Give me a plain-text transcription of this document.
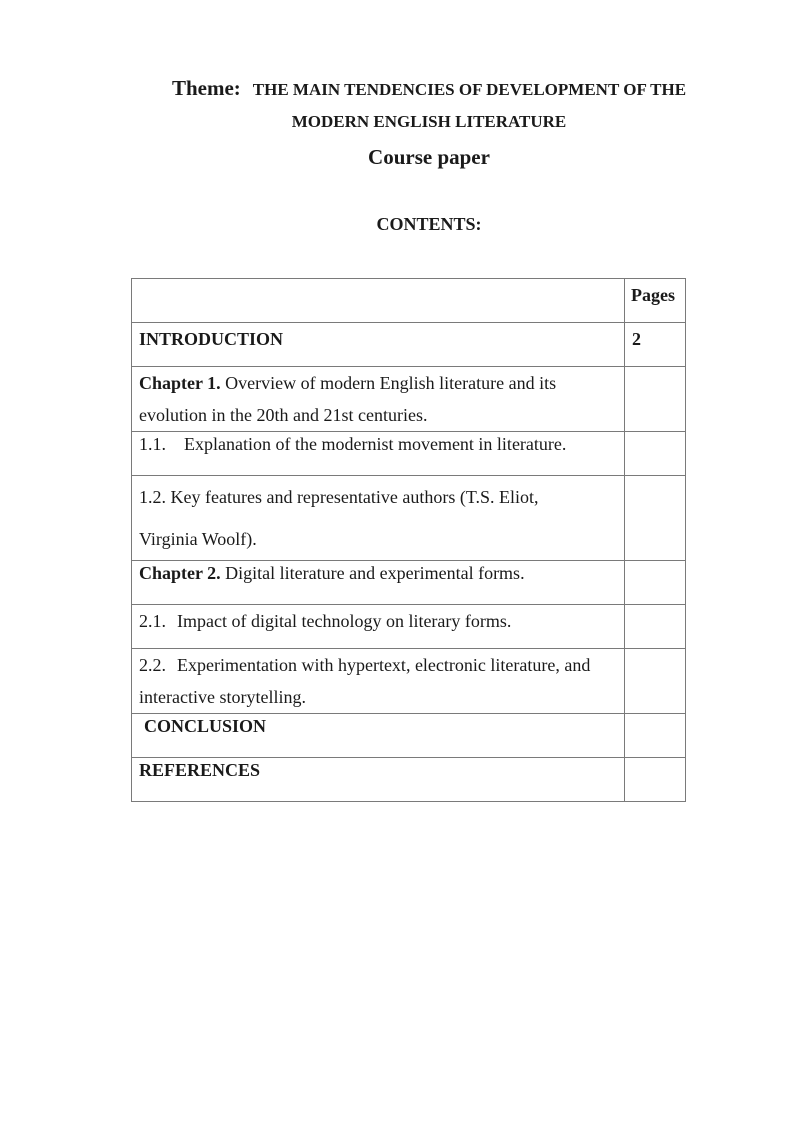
Theme: THE MAIN TENDENCIES OF DEVELOPMENT OF THE
MODERN ENGLISH LITERATURE
Course paper
CONTENTS:
	Pages
INTRODUCTION	2
Chapter 1. Overview of modern English literature and its
evolution in the 20th and 21st centuries.	
1.1. Explanation of the modernist movement in literature.	
1.2. Key features and representative authors (T.S. Eliot,
Virginia Woolf).	
Chapter 2. Digital literature and experimental forms.	
2.1. Impact of digital technology on literary forms.	
2.2. Experimentation with hypertext, electronic literature, and
interactive storytelling.	
CONCLUSION	
REFERENCES	
